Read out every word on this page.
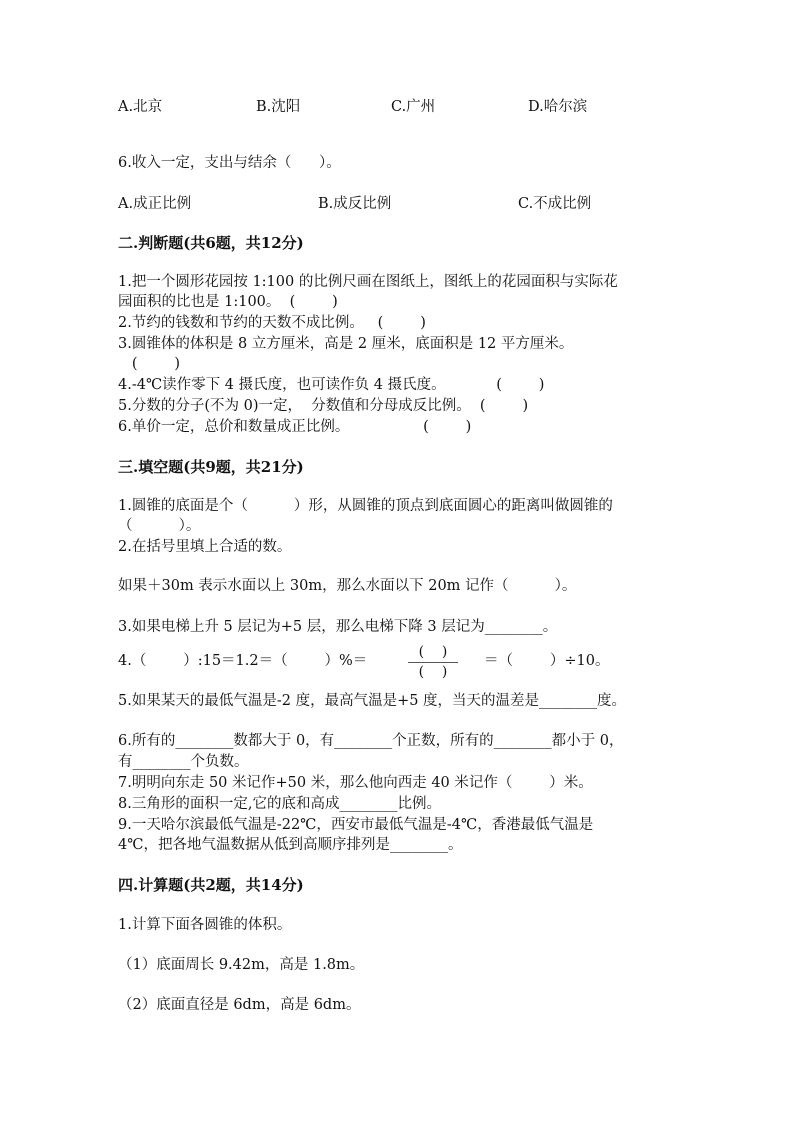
A.北京	B.沈阳	C.广州	D.哈尔滨
6.收入一定，支出与结余（      ）。
A.成正比例	B.成反比例	C.不成比例
二.判断题(共6题，共12分)
1.把一个圆形花园按 1:100 的比例尺画在图纸上，图纸上的花园面积与实际花
园面积的比也是 1:100。  (        )
2.节约的钱数和节约的天数不成比例。   (        )
3.圆锥体的体积是 8 立方厘米，高是 2 厘米，底面积是 12 平方厘米。
(        )
4.-4℃读作零下 4 摄氏度，也可读作负 4 摄氏度。           (        )
5.分数的分子(不为 0)一定，  分数值和分母成反比例。  (        )
6.单价一定，总价和数量成正比例。                (        )
三.填空题(共9题，共21分)
1.圆锥的底面是个（          ）形，从圆锥的顶点到底面圆心的距离叫做圆锥的
（          ）。
2.在括号里填上合适的数。
如果＋30m 表示水面以上 30m，那么水面以下 20m 记作（          ）。
3.如果电梯上升 5 层记为+5 层，那么电梯下降 3 层记为________。
4.（        ）:15＝1.2＝（        ）%＝
(    )
(    )
＝（        ）÷10。
5.如果某天的最低气温是-2 度，最高气温是+5 度，当天的温差是________度。
6.所有的________数都大于 0，有________个正数，所有的________都小于 0，
有________个负数。
7.明明向东走 50 米记作+50 米，那么他向西走 40 米记作（        ）米。
8.三角形的面积一定,它的底和高成________比例。
9.一天哈尔滨最低气温是-22℃，西安市最低气温是-4℃，香港最低气温是
4℃，把各地气温数据从低到高顺序排列是________。
四.计算题(共2题，共14分)
1.计算下面各圆锥的体积。
（1）底面周长 9.42m，高是 1.8m。
（2）底面直径是 6dm，高是 6dm。
